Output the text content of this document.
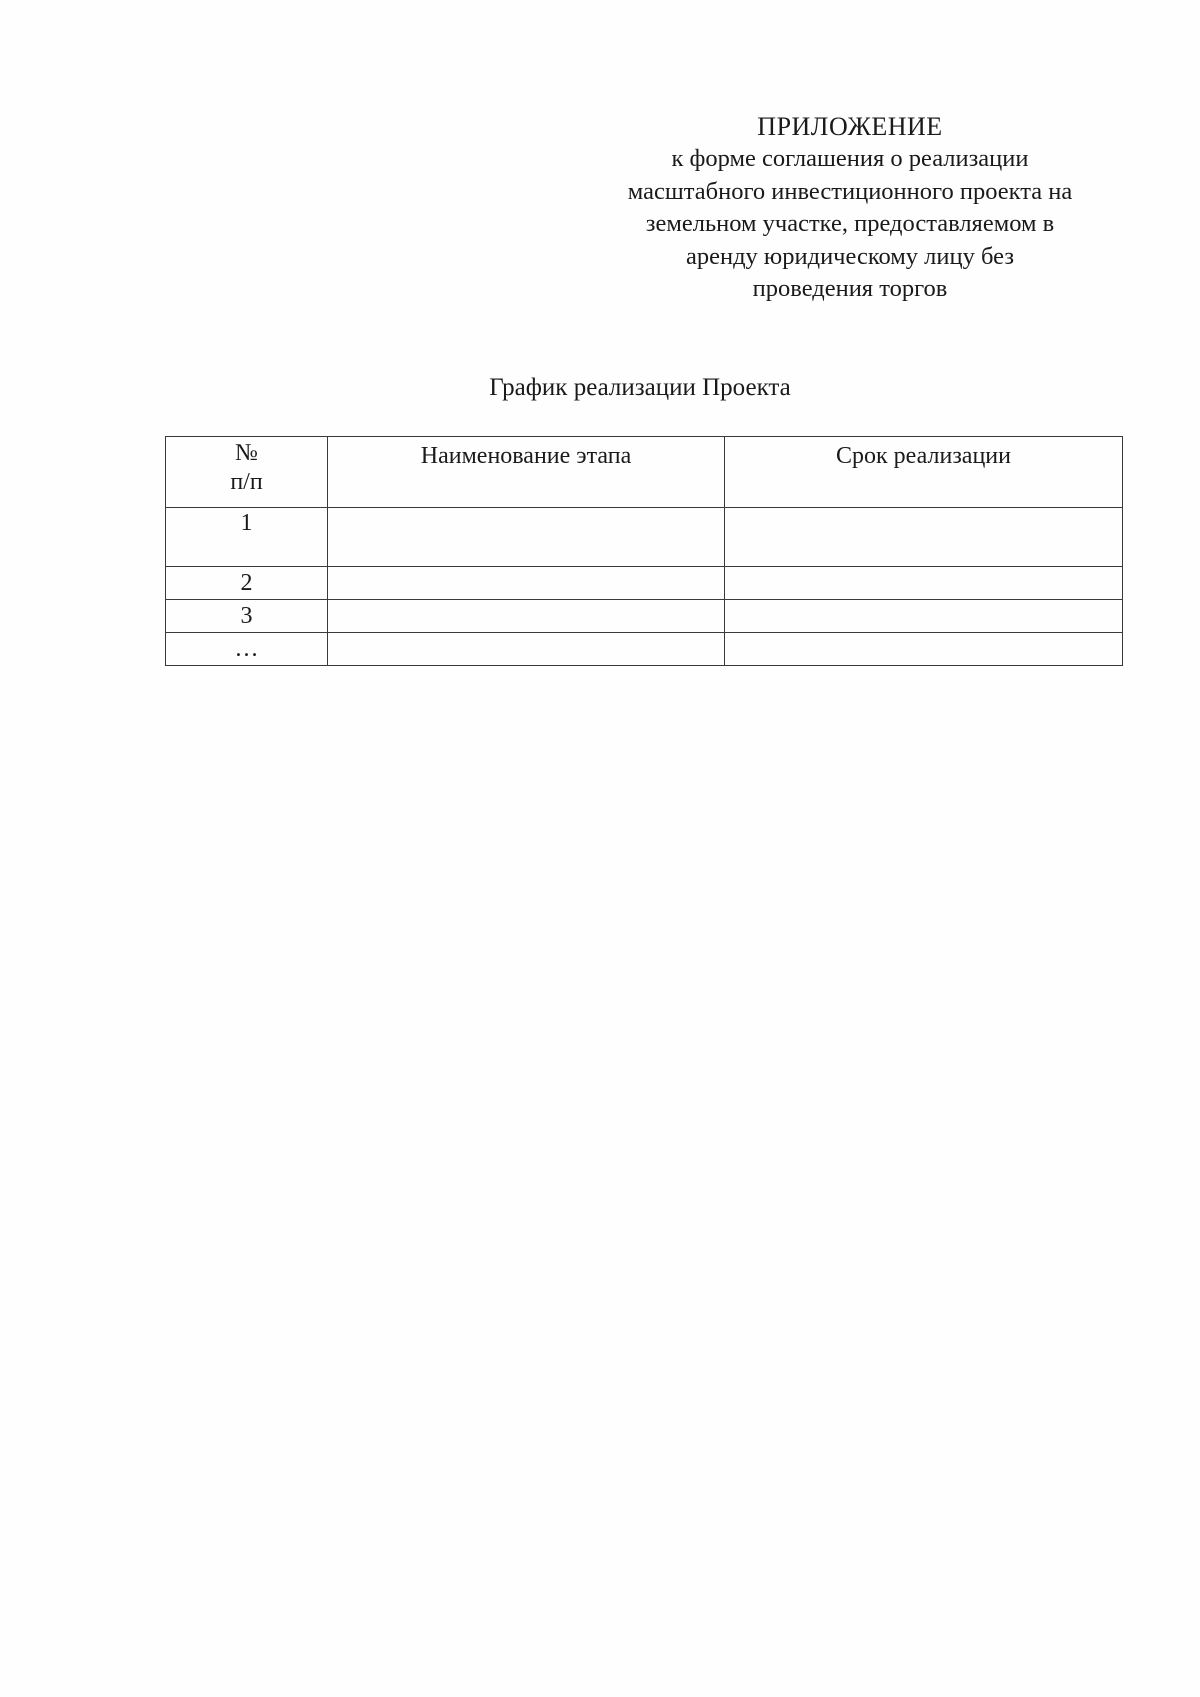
ПРИЛОЖЕНИЕ
к форме соглашения о реализации
масштабного инвестиционного проекта на
земельном участке, предоставляемом в
аренду юридическому лицу без
проведения торгов
График реализации Проекта
№
п/п	Наименование этапа	Срок реализации
1		
2		
3		
…		
